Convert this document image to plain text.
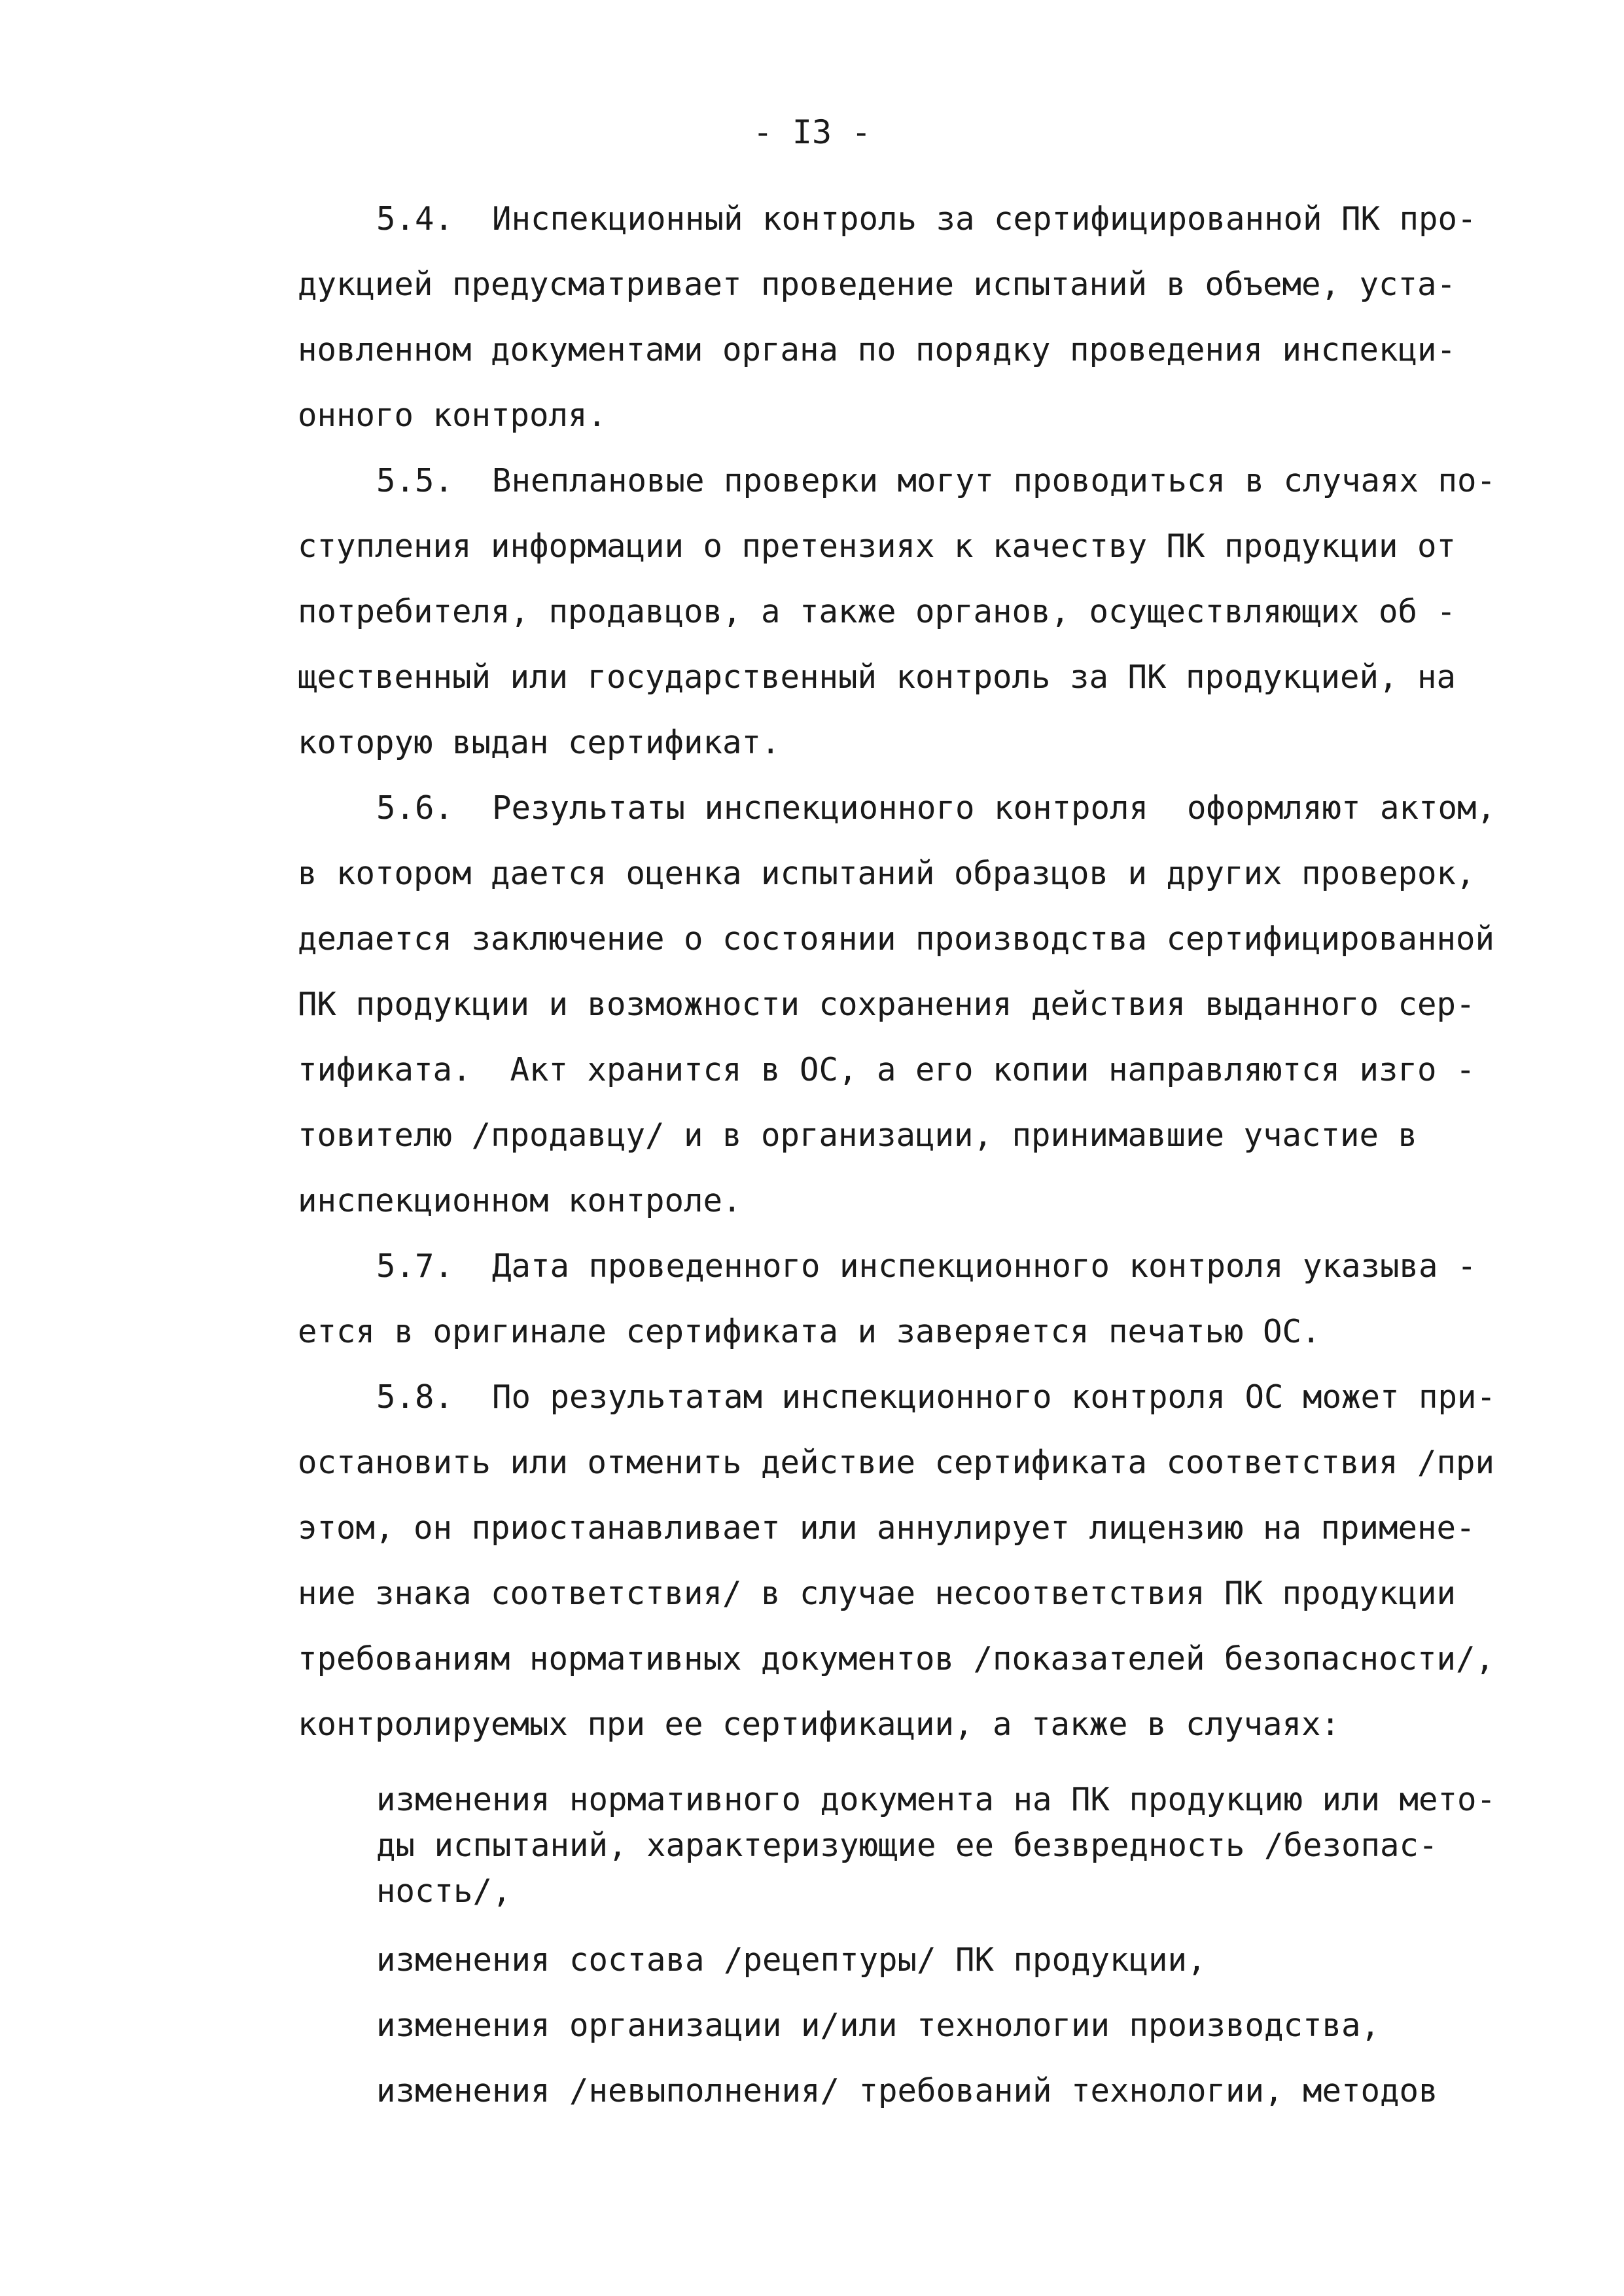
- I3 -
5.4.  Инспекционный контроль за сертифицированной ПК про-
дукцией предусматривает проведение испытаний в объеме, уста-
новленном документами органа по порядку проведения инспекци-
онного контроля.
5.5.  Внеплановые проверки могут проводиться в случаях по-
ступления информации о претензиях к качеству ПК продукции от
потребителя, продавцов, а также органов, осуществляющих об -
щественный или государственный контроль за ПК продукцией, на
которую выдан сертификат.
5.6.  Результаты инспекционного контроля  оформляют актом,
в котором дается оценка испытаний образцов и других проверок,
делается заключение о состоянии производства сертифицированной
ПК продукции и возможности сохранения действия выданного сер-
тификата.  Акт хранится в ОС, а его копии направляются изго -
товителю /продавцу/ и в организации, принимавшие участие в
инспекционном контроле.
5.7.  Дата проведенного инспекционного контроля указыва -
ется в оригинале сертификата и заверяется печатью ОС.
5.8.  По результатам инспекционного контроля ОС может при-
остановить или отменить действие сертификата соответствия /при
этом, он приостанавливает или аннулирует лицензию на примене-
ние знака соответствия/ в случае несоответствия ПК продукции
требованиям нормативных документов /показателей безопасности/,
контролируемых при ее сертификации, а также в случаях:
изменения нормативного документа на ПК продукцию или мето-
ды испытаний, характеризующие ее безвредность /безопас-
ность/,
изменения состава /рецептуры/ ПК продукции,
изменения организации и/или технологии производства,
изменения /невыполнения/ требований технологии, методов
